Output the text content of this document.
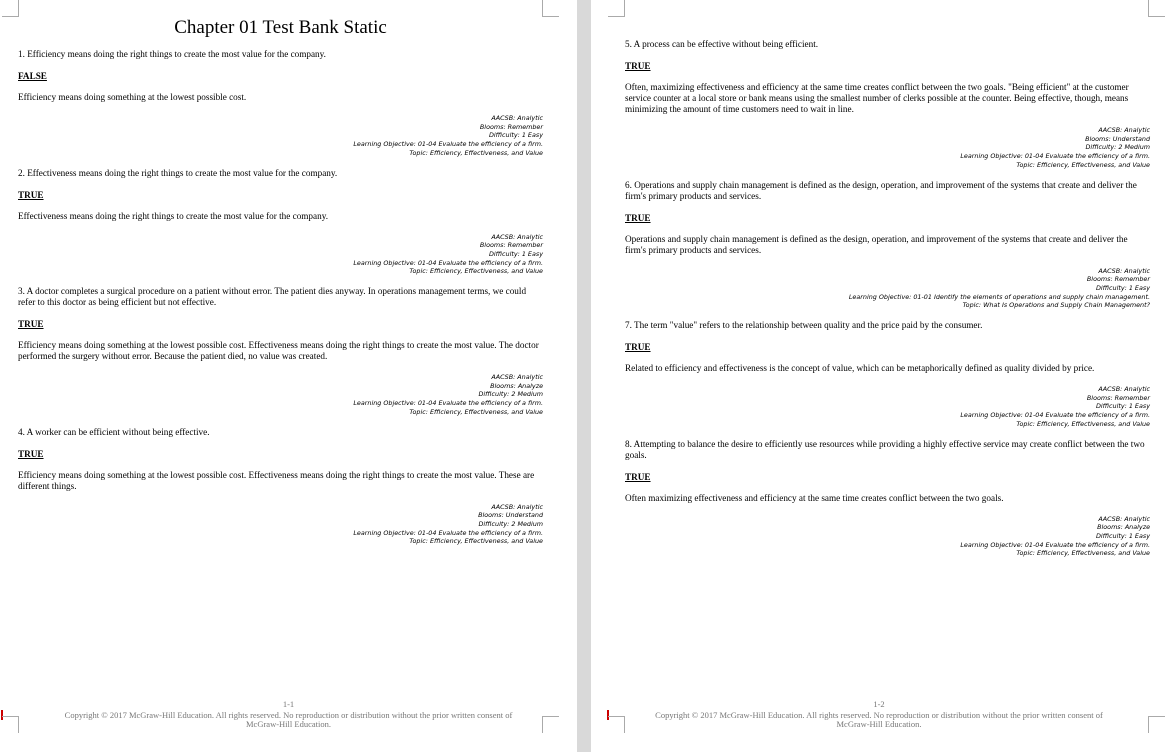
Chapter 01 Test Bank Static

1. Efficiency means doing the right things to create the most value for the company.

FALSE

Efficiency means doing something at the lowest possible cost.

AACSB: Analytic
Blooms: Remember
Difficulty: 1 Easy
Learning Objective: 01-04 Evaluate the efficiency of a firm.
Topic: Efficiency, Effectiveness, and Value

2. Effectiveness means doing the right things to create the most value for the company.

TRUE

Effectiveness means doing the right things to create the most value for the company.

AACSB: Analytic
Blooms: Remember
Difficulty: 1 Easy
Learning Objective: 01-04 Evaluate the efficiency of a firm.
Topic: Efficiency, Effectiveness, and Value

3. A doctor completes a surgical procedure on a patient without error. The patient dies anyway. In operations management terms, we could refer to this doctor as being efficient but not effective.

TRUE

Efficiency means doing something at the lowest possible cost. Effectiveness means doing the right things to create the most value. The doctor performed the surgery without error. Because the patient died, no value was created.

AACSB: Analytic
Blooms: Analyze
Difficulty: 2 Medium
Learning Objective: 01-04 Evaluate the efficiency of a firm.
Topic: Efficiency, Effectiveness, and Value

4. A worker can be efficient without being effective.

TRUE

Efficiency means doing something at the lowest possible cost. Effectiveness means doing the right things to create the most value. These are different things.

AACSB: Analytic
Blooms: Understand
Difficulty: 2 Medium
Learning Objective: 01-04 Evaluate the efficiency of a firm.
Topic: Efficiency, Effectiveness, and Value
1-1
Copyright © 2017 McGraw-Hill Education. All rights reserved. No reproduction or distribution without the prior written consent of McGraw-Hill Education.

5. A process can be effective without being efficient.

TRUE

Often, maximizing effectiveness and efficiency at the same time creates conflict between the two goals. "Being efficient" at the customer service counter at a local store or bank means using the smallest number of clerks possible at the counter. Being effective, though, means minimizing the amount of time customers need to wait in line.

AACSB: Analytic
Blooms: Understand
Difficulty: 2 Medium
Learning Objective: 01-04 Evaluate the efficiency of a firm.
Topic: Efficiency, Effectiveness, and Value

6. Operations and supply chain management is defined as the design, operation, and improvement of the systems that create and deliver the firm's primary products and services.

TRUE

Operations and supply chain management is defined as the design, operation, and improvement of the systems that create and deliver the firm's primary products and services.

AACSB: Analytic
Blooms: Remember
Difficulty: 1 Easy
Learning Objective: 01-01 Identify the elements of operations and supply chain management.
Topic: What Is Operations and Supply Chain Management?

7. The term "value" refers to the relationship between quality and the price paid by the consumer.

TRUE

Related to efficiency and effectiveness is the concept of value, which can be metaphorically defined as quality divided by price.

AACSB: Analytic
Blooms: Remember
Difficulty: 1 Easy
Learning Objective: 01-04 Evaluate the efficiency of a firm.
Topic: Efficiency, Effectiveness, and Value

8. Attempting to balance the desire to efficiently use resources while providing a highly effective service may create conflict between the two goals.

TRUE

Often maximizing effectiveness and efficiency at the same time creates conflict between the two goals.

AACSB: Analytic
Blooms: Analyze
Difficulty: 1 Easy
Learning Objective: 01-04 Evaluate the efficiency of a firm.
Topic: Efficiency, Effectiveness, and Value
1-2
Copyright © 2017 McGraw-Hill Education. All rights reserved. No reproduction or distribution without the prior written consent of McGraw-Hill Education.
